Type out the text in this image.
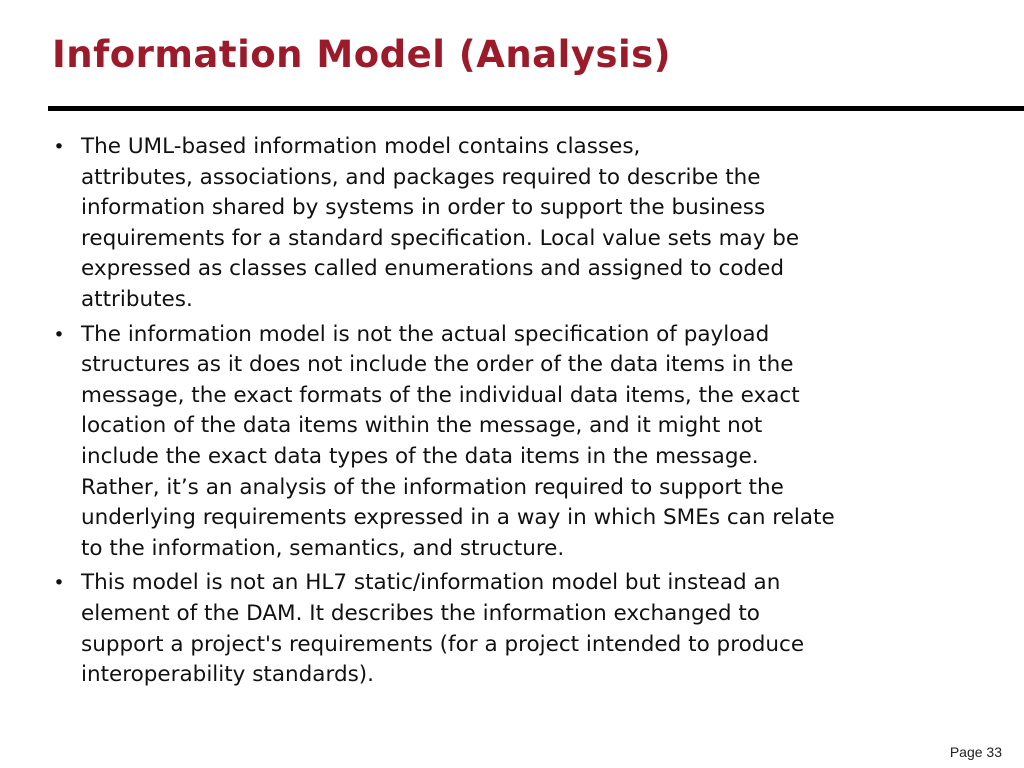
Information Model (Analysis)
• The UML-based information model contains classes,
attributes, associations, and packages required to describe the
information shared by systems in order to support the business
requirements for a standard specification. Local value sets may be
expressed as classes called enumerations and assigned to coded
attributes.
• The information model is not the actual specification of payload
structures as it does not include the order of the data items in the
message, the exact formats of the individual data items, the exact
location of the data items within the message, and it might not
include the exact data types of the data items in the message.
Rather, it’s an analysis of the information required to support the
underlying requirements expressed in a way in which SMEs can relate
to the information, semantics, and structure.
• This model is not an HL7 static/information model but instead an
element of the DAM. It describes the information exchanged to
support a project's requirements (for a project intended to produce
interoperability standards).
Page 33
